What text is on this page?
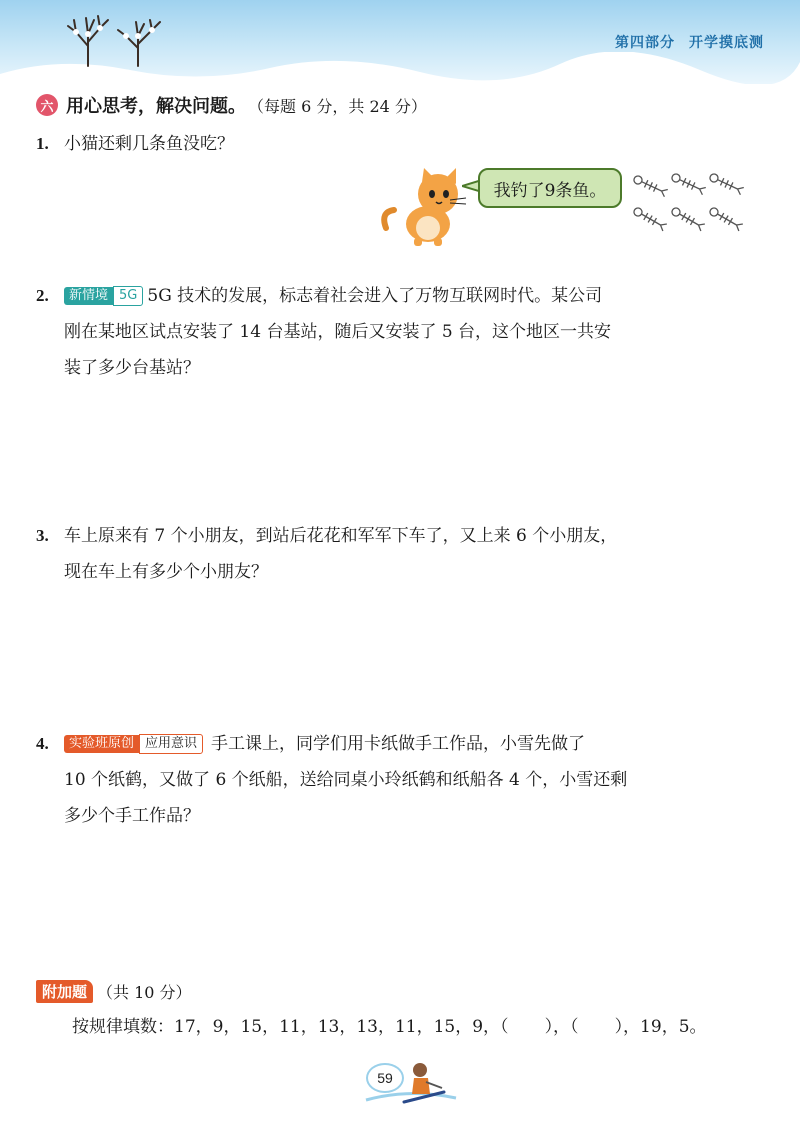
第四部分 开学摸底测
六 用心思考，解决问题。 （每题 6 分，共 24 分）
1. 小猫还剩几条鱼没吃？
我钓了9条鱼。
2. 新情境 5G 5G 技术的发展，标志着社会进入了万物互联网时代。某公司
刚在某地区试点安装了 14 台基站，随后又安装了 5 台，这个地区一共安
装了多少台基站？
3. 车上原来有 7 个小朋友，到站后花花和军军下车了，又上来 6 个小朋友，
现在车上有多少个小朋友？
4. 实验班原创 应用意识 手工课上，同学们用卡纸做手工作品，小雪先做了
10 个纸鹤，又做了 6 个纸船，送给同桌小玲纸鹤和纸船各 4 个，小雪还剩
多少个手工作品？
附加题 （共 10 分）
按规律填数：17，9，15，11，13，13，11，15，9，（ ），（ ），19，5。
59
